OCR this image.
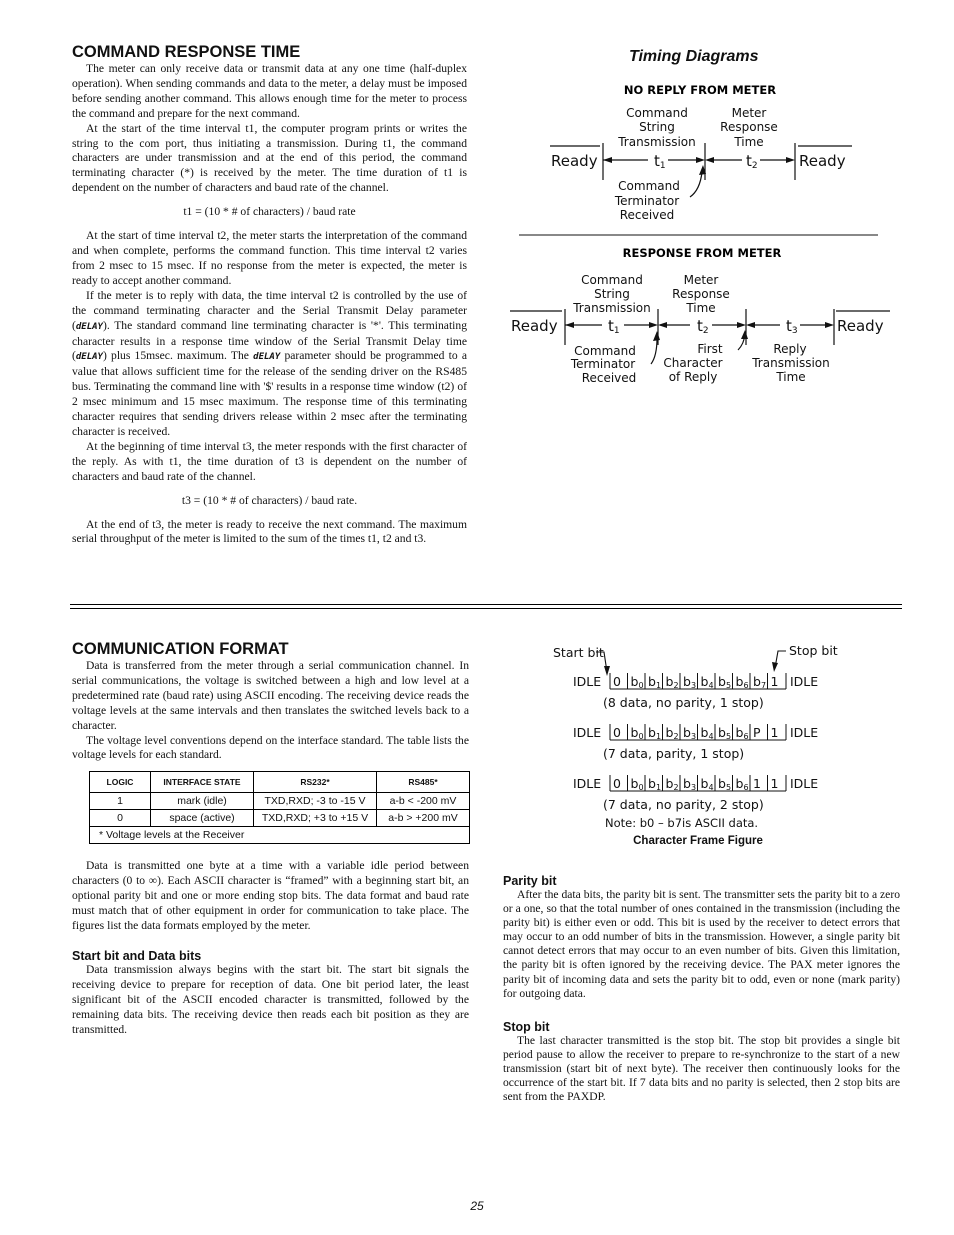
COMMAND RESPONSE TIME

The meter can only receive data or transmit data at any one time (half-duplex operation). When sending commands and data to the meter, a delay must be imposed before sending another command. This allows enough time for the meter to process the command and prepare for the next command.

At the start of the time interval t1, the computer program prints or writes the string to the com port, thus initiating a transmission. During t1, the command characters are under transmission and at the end of this period, the command terminating character (*) is received by the meter. The time duration of t1 is dependent on the number of characters and baud rate of the channel.

t1 = (10 * # of characters) / baud rate

At the start of time interval t2, the meter starts the interpretation of the command and when complete, performs the command function. This time interval t2 varies from 2 msec to 15 msec. If no response from the meter is expected, the meter is ready to accept another command.

If the meter is to reply with data, the time interval t2 is controlled by the use of the command terminating character and the Serial Transmit Delay parameter (dELAY). The standard command line terminating character is '*'. This terminating character results in a response time window of the Serial Transmit Delay time (dELAY) plus 15msec. maximum. The dELAY parameter should be programmed to a value that allows sufficient time for the release of the sending driver on the RS485 bus. Terminating the command line with '$' results in a response time window (t2) of 2 msec minimum and 15 msec maximum. The response time of this terminating character requires that sending drivers release within 2 msec after the terminating character is received.

At the beginning of time interval t3, the meter responds with the first character of the reply. As with t1, the time duration of t3 is dependent on the number of characters and baud rate of the channel.

t3 = (10 * # of characters) / baud rate.

At the end of t3, the meter is ready to receive the next command. The maximum serial throughput of the meter is limited to the sum of the times t1, t2 and t3.

Timing Diagrams
NO REPLY FROM METER
Command
String
Transmission
Meter
Response
Time
Ready	t1	t2	Ready
Command
Terminator
Received
RESPONSE FROM METER
Command
String
Transmission
Meter
Response
Time
Ready	t1	t2	t3	Ready
Command
Terminator
Received
First
Character
of Reply
Reply
Transmission
Time
COMMUNICATION FORMAT

Data is transferred from the meter through a serial communication channel. In serial communications, the voltage is switched between a high and low level at a predetermined rate (baud rate) using ASCII encoding. The receiving device reads the voltage levels at the same intervals and then translates the switched levels back to a character.

The voltage level conventions depend on the interface standard. The table lists the voltage levels for each standard.

LOGIC	INTERFACE STATE	RS232*	RS485*
1	mark (idle)	TXD,RXD; -3 to -15 V	a-b < -200 mV
0	space (active)	TXD,RXD; +3 to +15 V	a-b > +200 mV
* Voltage levels at the Receiver			

Data is transmitted one byte at a time with a variable idle period between characters (0 to ∞). Each ASCII character is “framed” with a beginning start bit, an optional parity bit and one or more ending stop bits. The data format and baud rate must match that of other equipment in order for communication to take place. The figures list the data formats employed by the meter.

Start bit and Data bits

Data transmission always begins with the start bit. The start bit signals the receiving device to prepare for reception of data. One bit period later, the least significant bit of the ASCII encoded character is transmitted, followed by the remaining data bits. The receiving device then reads each bit position as they are transmitted.

Start bit	Stop bit
IDLE 0 b0 b1 b2 b3 b4 b5 b6 b7 1 IDLE
(8 data, no parity, 1 stop)
IDLE 0 b0 b1 b2 b3 b4 b5 b6 P 1 IDLE
(7 data, parity, 1 stop)
IDLE 0 b0 b1 b2 b3 b4 b5 b6 1 1 IDLE
(7 data, no parity, 2 stop)
Note: b0 – b7is ASCII data.
Character Frame Figure
Parity bit

After the data bits, the parity bit is sent. The transmitter sets the parity bit to a zero or a one, so that the total number of ones contained in the transmission (including the parity bit) is either even or odd. This bit is used by the receiver to detect errors that may occur to an odd number of bits in the transmission. However, a single parity bit cannot detect errors that may occur to an even number of bits. Given this limitation, the parity bit is often ignored by the receiving device. The PAX meter ignores the parity bit of incoming data and sets the parity bit to odd, even or none (mark parity) for outgoing data.

Stop bit

The last character transmitted is the stop bit. The stop bit provides a single bit period pause to allow the receiver to prepare to re-synchronize to the start of a new transmission (start bit of next byte). The receiver then continuously looks for the occurrence of the start bit. If 7 data bits and no parity is selected, then 2 stop bits are sent from the PAXDP.

25
